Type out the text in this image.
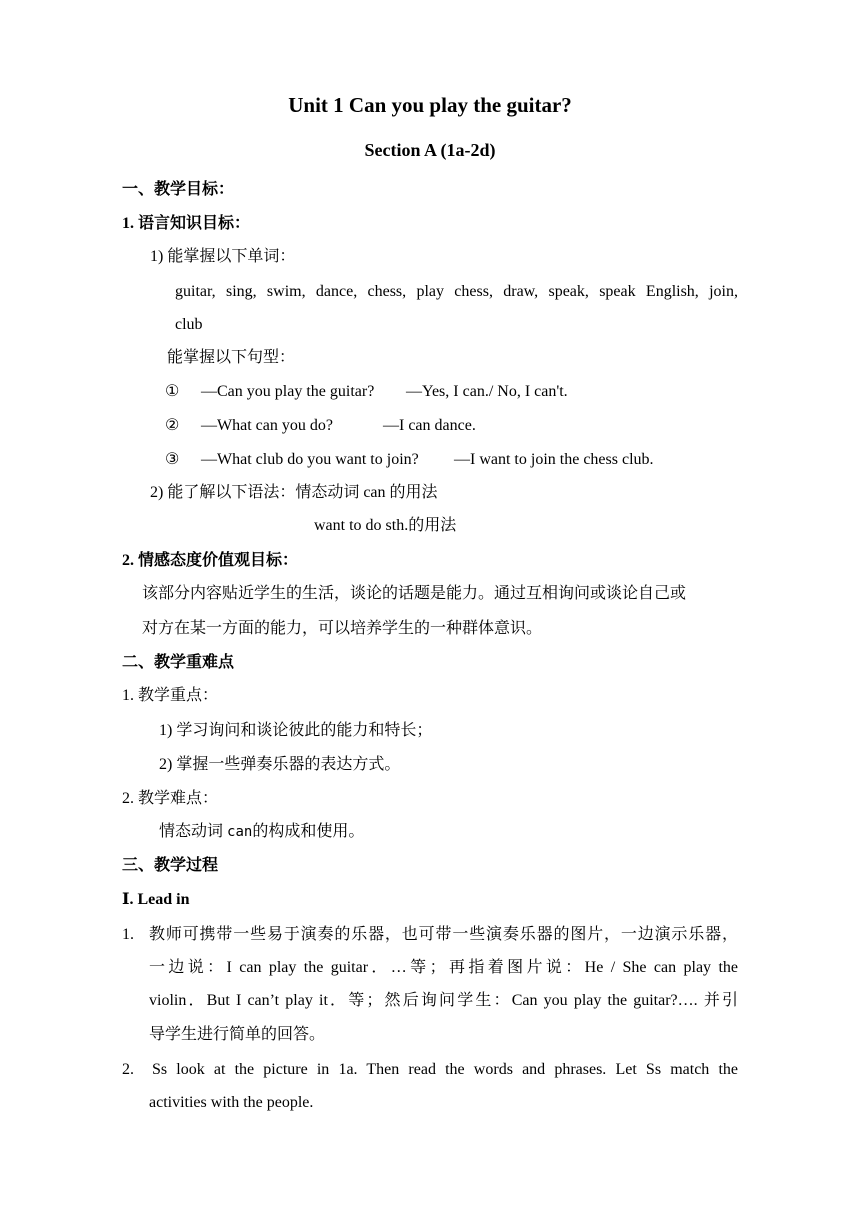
Unit 1 Can you play the guitar?
Section A (1a-2d)
一、教学目标：
1. 语言知识目标：
1) 能掌握以下单词：
guitar, sing, swim, dance, chess, play chess, draw, speak, speak English, join,
club
能掌握以下句型：
① —Can you play the guitar? —Yes, I can./ No, I can't.
② —What can you do?	—I can dance.
③ —What club do you want to join? —I want to join the chess club.
2) 能了解以下语法：情态动词 can 的用法
want to do sth.的用法
2. 情感态度价值观目标：
该部分内容贴近学生的生活，谈论的话题是能力。通过互相询问或谈论自己或
对方在某一方面的能力，可以培养学生的一种群体意识。
二、教学重难点
1. 教学重点：
1) 学习询问和谈论彼此的能力和特长；
2) 掌握一些弹奏乐器的表达方式。
2. 教学难点：
情态动词 can的构成和使用。
三、教学过程
Ⅰ. Lead in
1. 教师可携带一些易于演奏的乐器，也可带一些演奏乐器的图片，一边演示乐器，
一边说：I can play the guitar．…等；再指着图片说：He / She can play the
violin．But I can’t play it．等；然后询问学生：Can you play the guitar?…. 并引
导学生进行简单的回答。
2. Ss look at the picture in 1a. Then read the words and phrases. Let Ss match the
activities with the people.
